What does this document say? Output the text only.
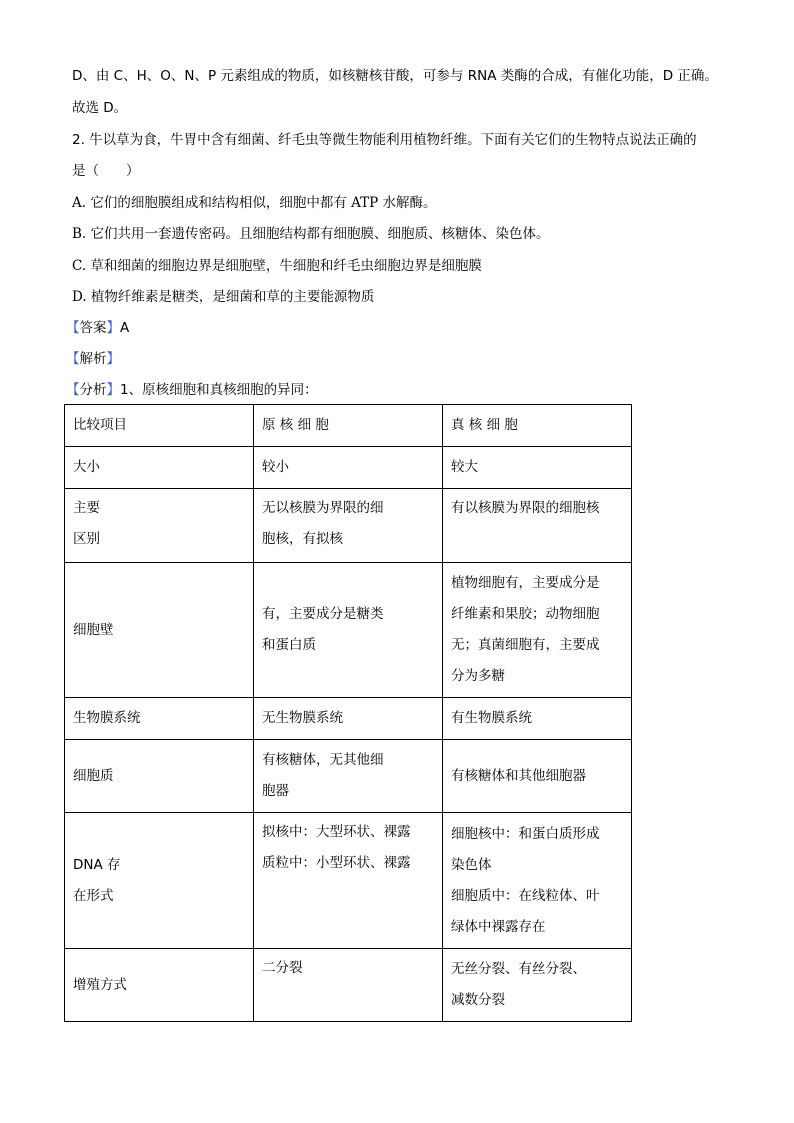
D、由 C、H、O、N、P 元素组成的物质，如核糖核苷酸，可参与 RNA 类酶的合成，有催化功能，D 正确。
故选 D。
2. 牛以草为食，牛胃中含有细菌、纤毛虫等微生物能利用植物纤维。下面有关它们的生物特点说法正确的
是（　　）
A. 它们的细胞膜组成和结构相似，细胞中都有 ATP 水解酶。
B. 它们共用一套遗传密码。且细胞结构都有细胞膜、细胞质、核糖体、染色体。
C. 草和细菌的细胞边界是细胞壁，牛细胞和纤毛虫细胞边界是细胞膜
D. 植物纤维素是糖类，是细菌和草的主要能源物质
【答案】A
【解析】
【分析】1、原核细胞和真核细胞的异同：
比较项目	原 核 细 胞	真 核 细 胞

大小	较小	较大

主要
区别	无以核膜为界限的细
胞核，有拟核	有以核膜为界限的细胞核

细胞壁	有，主要成分是糖类
和蛋白质	植物细胞有，主要成分是
纤维素和果胶；动物细胞
无；真菌细胞有，主要成
分为多糖

生物膜系统	无生物膜系统	有生物膜系统

细胞质	有核糖体，无其他细
胞器	有核糖体和其他细胞器

DNA 存
在形式	拟核中：大型环状、裸露
质粒中：小型环状、裸露	细胞核中：和蛋白质形成
染色体
细胞质中：在线粒体、叶
绿体中裸露存在

增殖方式	二分裂	无丝分裂、有丝分裂、
减数分裂
